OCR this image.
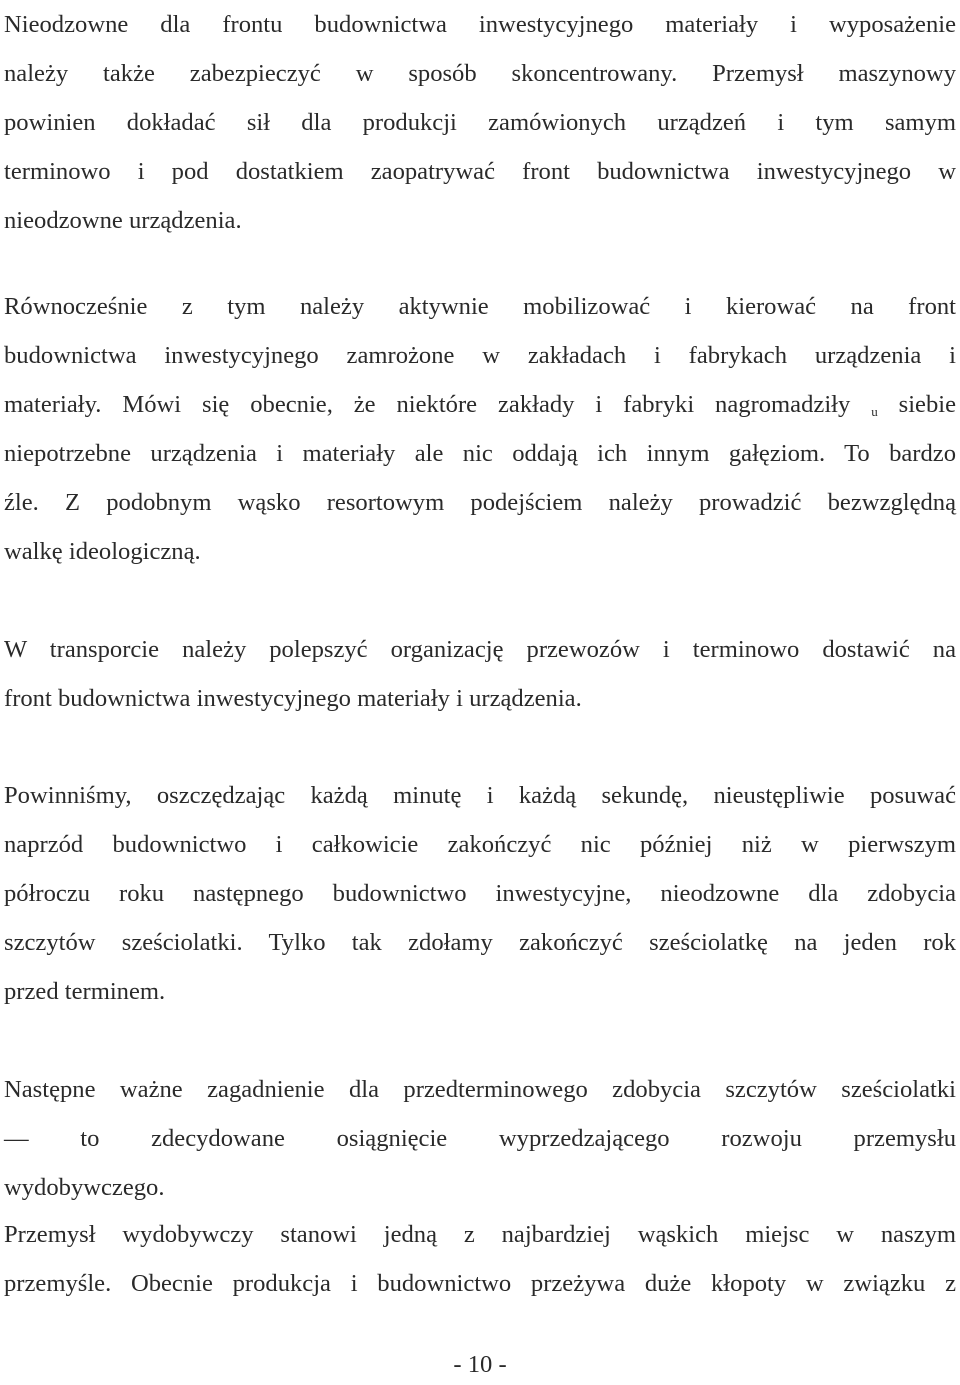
Nieodzowne dla frontu budownictwa inwestycyjnego materiały i wyposażenie
należy także zabezpieczyć w sposób skoncentrowany. Przemysł maszynowy
powinien dokładać sił dla produkcji zamówionych urządzeń i tym samym
terminowo i pod dostatkiem zaopatrywać front budownictwa inwestycyjnego w
nieodzowne urządzenia.

Równocześnie z tym należy aktywnie mobilizować i kierować na front
budownictwa inwestycyjnego zamrożone w zakładach i fabrykach urządzenia i
materiały. Mówi się obecnie, że niektóre zakłady i fabryki nagromadziły $_u$ siebie
niepotrzebne urządzenia i materiały ale nic oddają ich innym gałęziom. To bardzo
źle. Z podobnym wąsko resortowym podejściem należy prowadzić bezwzględną
walkę ideologiczną.

W transporcie należy polepszyć organizację przewozów i terminowo dostawić na
front budownictwa inwestycyjnego materiały i urządzenia.

Powinniśmy, oszczędzając każdą minutę i każdą sekundę, nieustępliwie posuwać
naprzód budownictwo i całkowicie zakończyć nic później niż w pierwszym
półroczu roku następnego budownictwo inwestycyjne, nieodzowne dla zdobycia
szczytów sześciolatki. Tylko tak zdołamy zakończyć sześciolatkę na jeden rok
przed terminem.

Następne ważne zagadnienie dla przedterminowego zdobycia szczytów sześciolatki
— to zdecydowane osiągnięcie wyprzedzającego rozwoju przemysłu
wydobywczego.

Przemysł wydobywczy stanowi jedną z najbardziej wąskich miejsc w naszym
przemyśle. Obecnie produkcja i budownictwo przeżywa duże kłopoty w związku z

- 10 -
